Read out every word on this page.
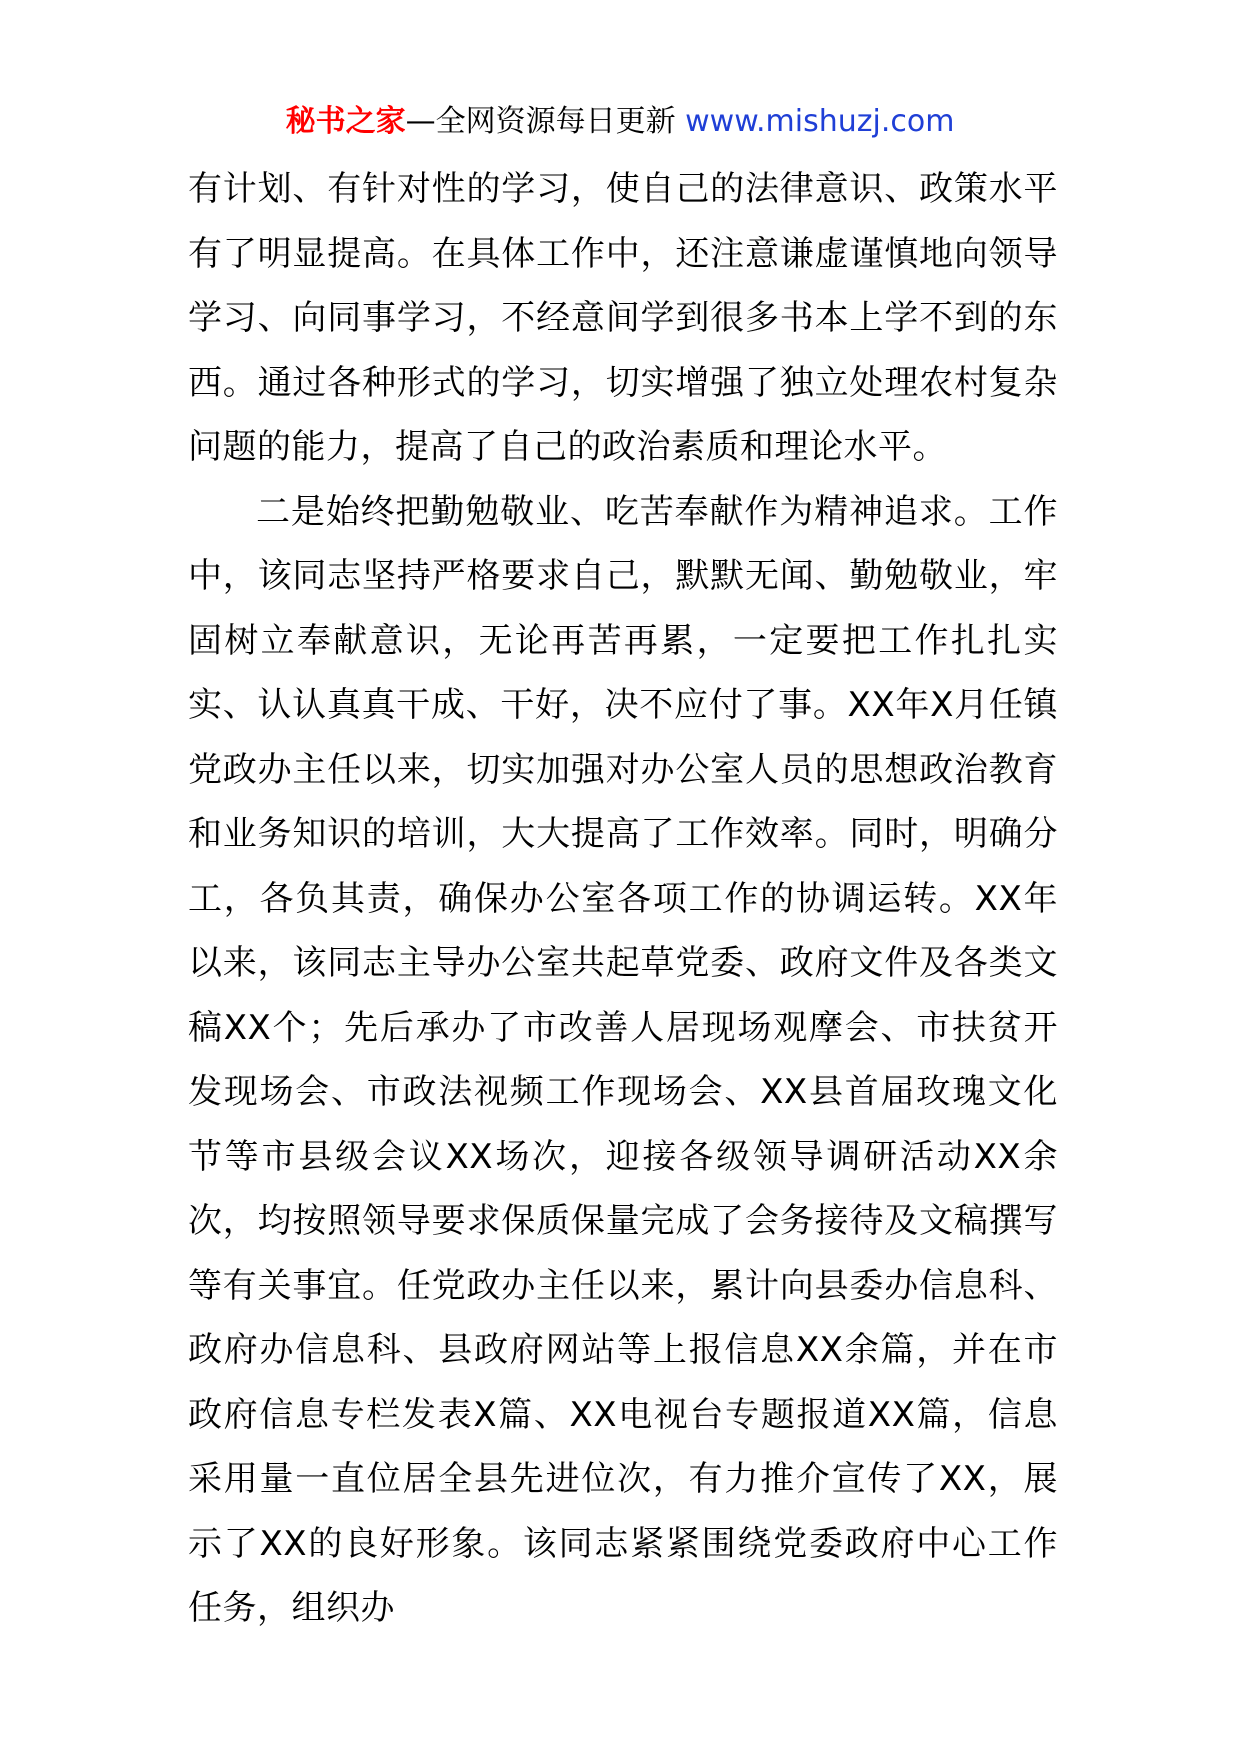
秘书之家—全网资源每日更新 www.mishuzj.com

有计划、有针对性的学习，使自己的法律意识、政策水平有了明显提高。在具体工作中，还注意谦虚谨慎地向领导学习、向同事学习，不经意间学到很多书本上学不到的东西。通过各种形式的学习，切实增强了独立处理农村复杂问题的能力，提高了自己的政治素质和理论水平。

二是始终把勤勉敬业、吃苦奉献作为精神追求。工作中，该同志坚持严格要求自己，默默无闻、勤勉敬业，牢固树立奉献意识，无论再苦再累，一定要把工作扎扎实实、认认真真干成、干好，决不应付了事。XX年X月任镇党政办主任以来，切实加强对办公室人员的思想政治教育和业务知识的培训，大大提高了工作效率。同时，明确分工，各负其责，确保办公室各项工作的协调运转。XX年以来，该同志主导办公室共起草党委、政府文件及各类文稿XX个；先后承办了市改善人居现场观摩会、市扶贫开发现场会、市政法视频工作现场会、XX县首届玫瑰文化节等市县级会议XX场次，迎接各级领导调研活动XX余次，均按照领导要求保质保量完成了会务接待及文稿撰写等有关事宜。任党政办主任以来，累计向县委办信息科、政府办信息科、县政府网站等上报信息XX余篇，并在市政府信息专栏发表X篇、XX电视台专题报道XX篇，信息采用量一直位居全县先进位次，有力推介宣传了XX，展示了XX的良好形象。该同志紧紧围绕党委政府中心工作任务，组织办
